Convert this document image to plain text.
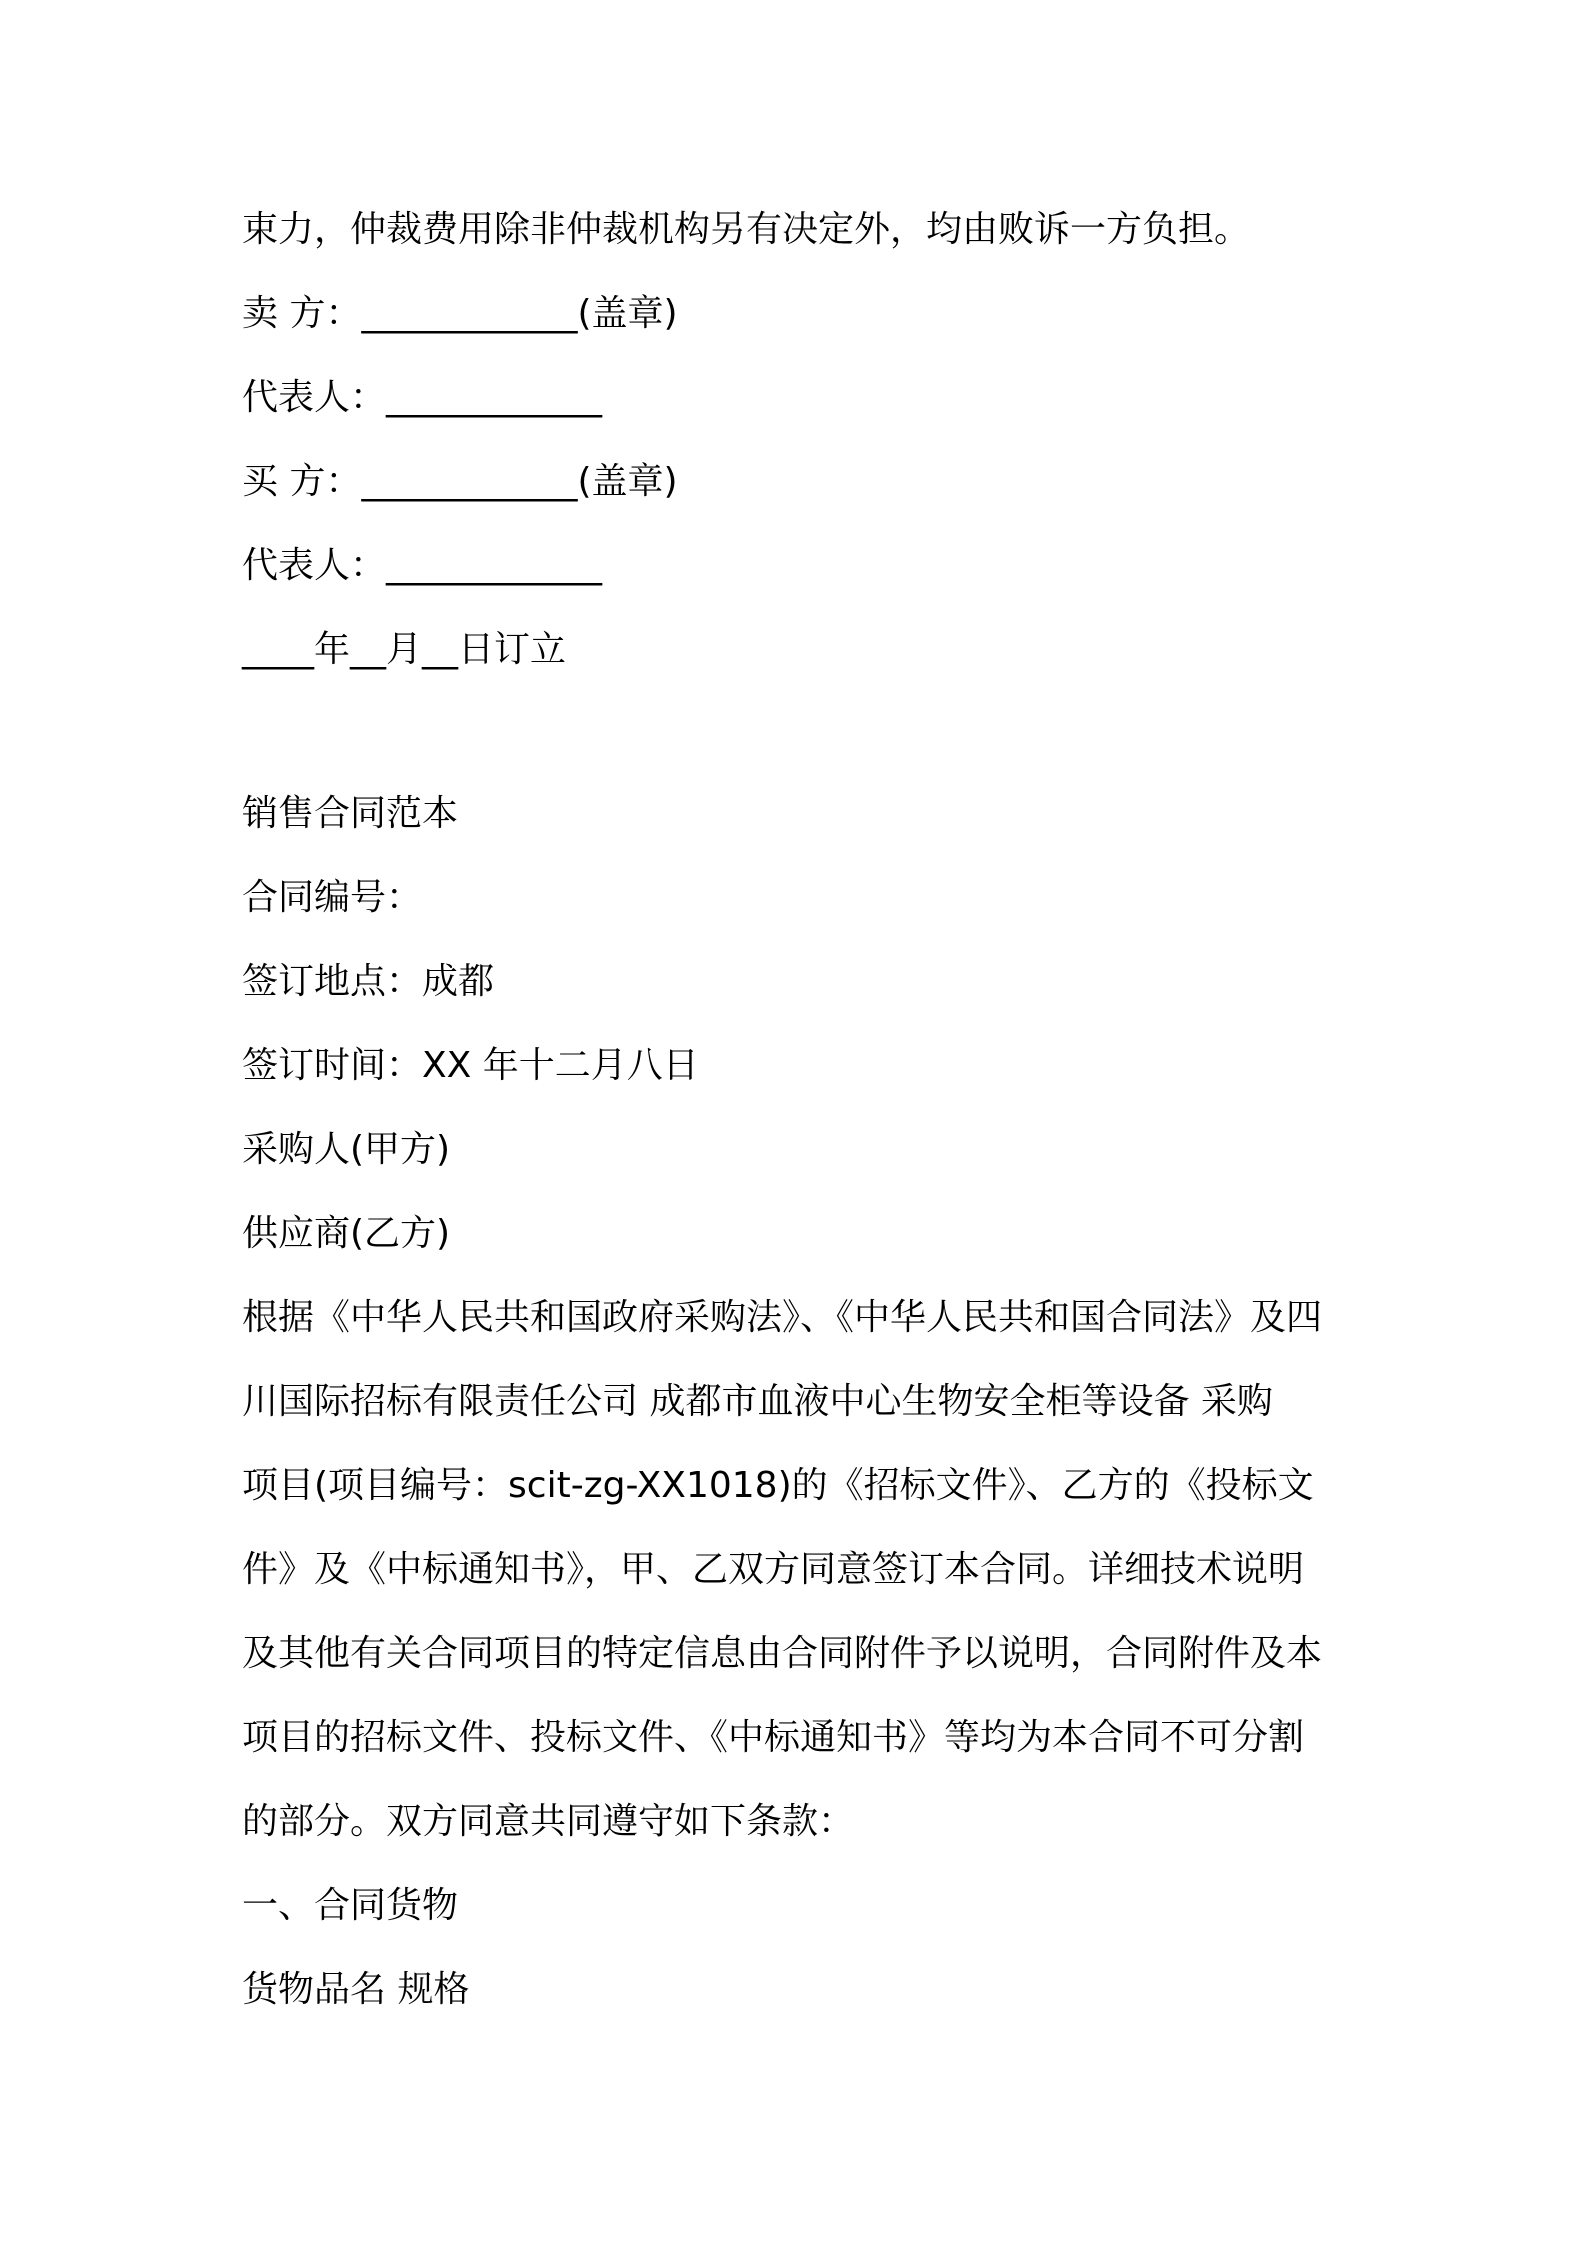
束力，仲裁费用除非仲裁机构另有决定外，均由败诉一方负担。
卖 方：____________(盖章)
代表人：____________
买 方：____________(盖章)
代表人：____________
____年__月__日订立
销售合同范本
合同编号：
签订地点：成都
签订时间：XX 年十二月八日
采购人(甲方)
供应商(乙方)
根据《中华人民共和国政府采购法》、《中华人民共和国合同法》及四
川国际招标有限责任公司 成都市血液中心生物安全柜等设备 采购
项目(项目编号：scit-zg-XX1018)的《招标文件》、乙方的《投标文
件》及《中标通知书》，甲、乙双方同意签订本合同。详细技术说明
及其他有关合同项目的特定信息由合同附件予以说明，合同附件及本
项目的招标文件、投标文件、《中标通知书》等均为本合同不可分割
的部分。双方同意共同遵守如下条款：
一、合同货物
货物品名 规格
